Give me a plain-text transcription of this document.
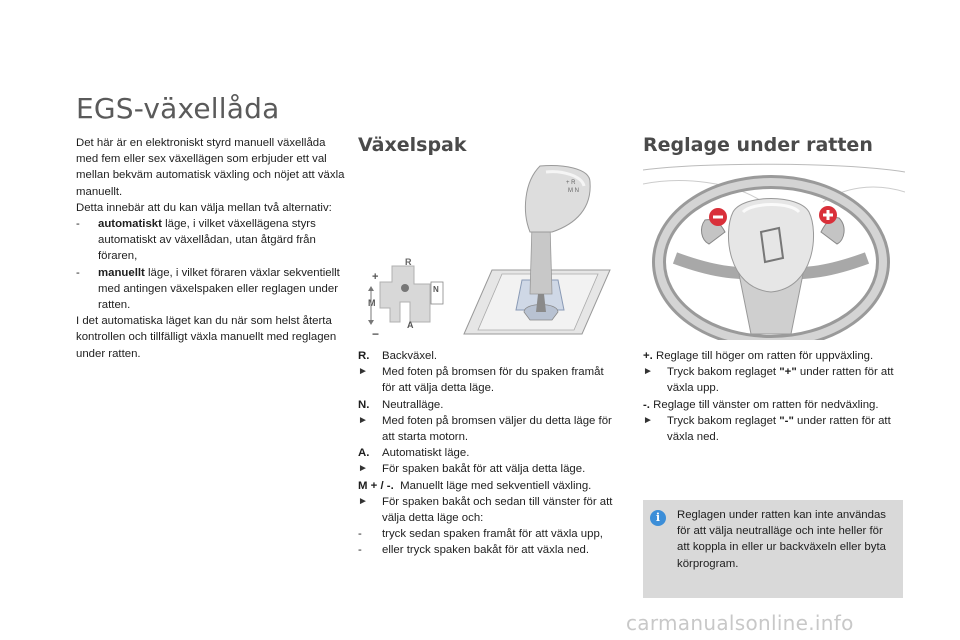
EGS-växellåda

Det här är en elektroniskt styrd manuell växellåda med fem eller sex växellägen som erbjuder ett val mellan bekväm automatisk växling och nöjet att växla manuellt.

Detta innebär att du kan välja mellan två alternativ:

- automatiskt läge, i vilket växellägena styrs automatiskt av växellådan, utan åtgärd från föraren,
- manuellt läge, i vilket föraren växlar sekventiellt med antingen växelspaken eller reglagen under ratten.

I det automatiska läget kan du när som helst återta kontrollen och tillfälligt växla manuellt med reglagen under ratten.

Växelspak
R
N
+
M
−
A
+ R
M N
R.	Backväxel.
►	Med foten på bromsen för du spaken framåt för att välja detta läge.
N.	Neutralläge.
►	Med foten på bromsen väljer du detta läge för att starta motorn.
A.	Automatiskt läge.
►	För spaken bakåt för att välja detta läge.
M + / -. Manuellt läge med sekventiell växling.
►	För spaken bakåt och sedan till vänster för att välja detta läge och:
-	tryck sedan spaken framåt för att växla upp,
-	eller tryck spaken bakåt för att växla ned.
Reglage under ratten

+. Reglage till höger om ratten för uppväxling.

►	Tryck bakom reglaget "+" under ratten för att växla upp.

-. Reglage till vänster om ratten för nedväxling.

►	Tryck bakom reglaget "-" under ratten för att växla ned.
i	Reglagen under ratten kan inte användas för att välja neutralläge och inte heller för att koppla in eller ur backväxeln eller byta körprogram.
carmanualsonline.info
